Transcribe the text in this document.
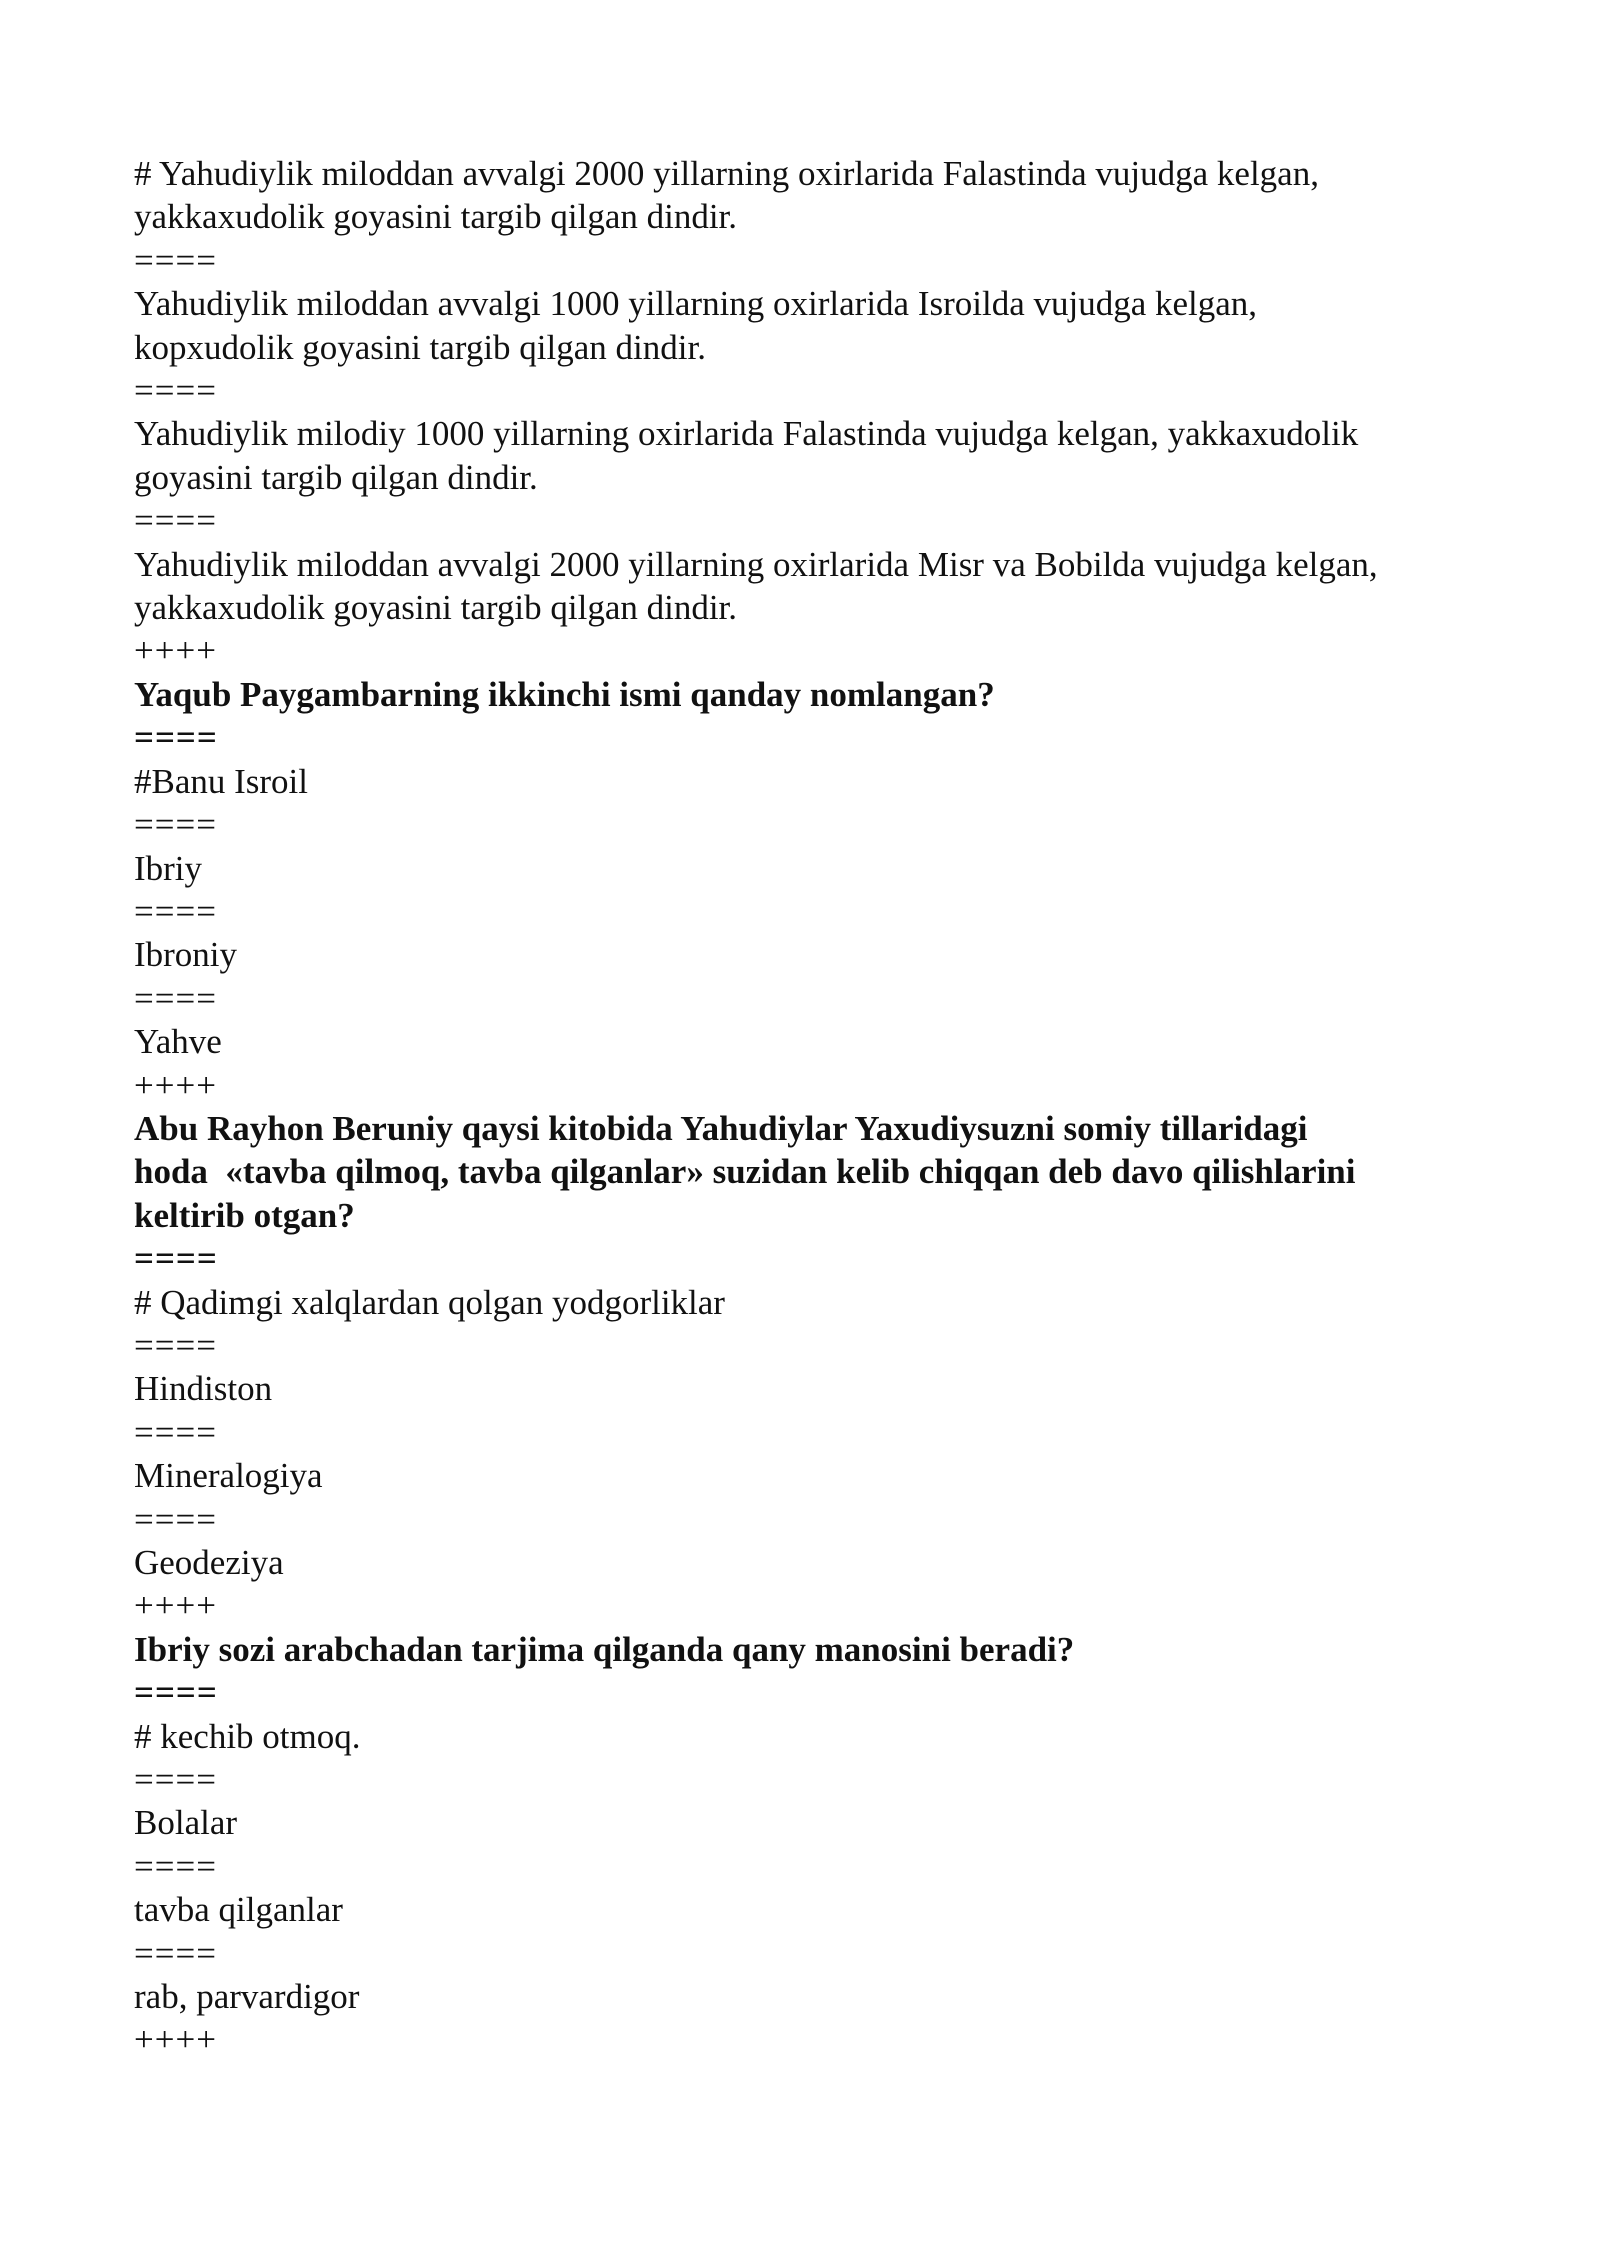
# Yahudiylik miloddan avvalgi 2000 yillarning oxirlarida Falastinda vujudga kelgan,
yakkaxudolik goyasini targib qilgan dindir.
====
Yahudiylik miloddan avvalgi 1000 yillarning oxirlarida Isroilda vujudga kelgan,
kopxudolik goyasini targib qilgan dindir.
====
Yahudiylik milodiy 1000 yillarning oxirlarida Falastinda vujudga kelgan, yakkaxudolik
goyasini targib qilgan dindir.
====
Yahudiylik miloddan avvalgi 2000 yillarning oxirlarida Misr va Bobilda vujudga kelgan,
yakkaxudolik goyasini targib qilgan dindir.
++++
Yaqub Paygambarning ikkinchi ismi qanday nomlangan?
====
#Banu Isroil
====
Ibriy
====
Ibroniy
====
Yahve
++++
Abu Rayhon Beruniy qaysi kitobida Yahudiylar Yaxudiysuzni somiy tillaridagi
hoda  «tavba qilmoq, tavba qilganlar» suzidan kelib chiqqan deb davo qilishlarini
keltirib otgan?
====
# Qadimgi xalqlardan qolgan yodgorliklar
====
Hindiston
====
Mineralogiya
====
Geodeziya
++++
Ibriy sozi arabchadan tarjima qilganda qany manosini beradi?
====
# kechib otmoq.
====
Bolalar
====
tavba qilganlar
====
rab, parvardigor
++++
